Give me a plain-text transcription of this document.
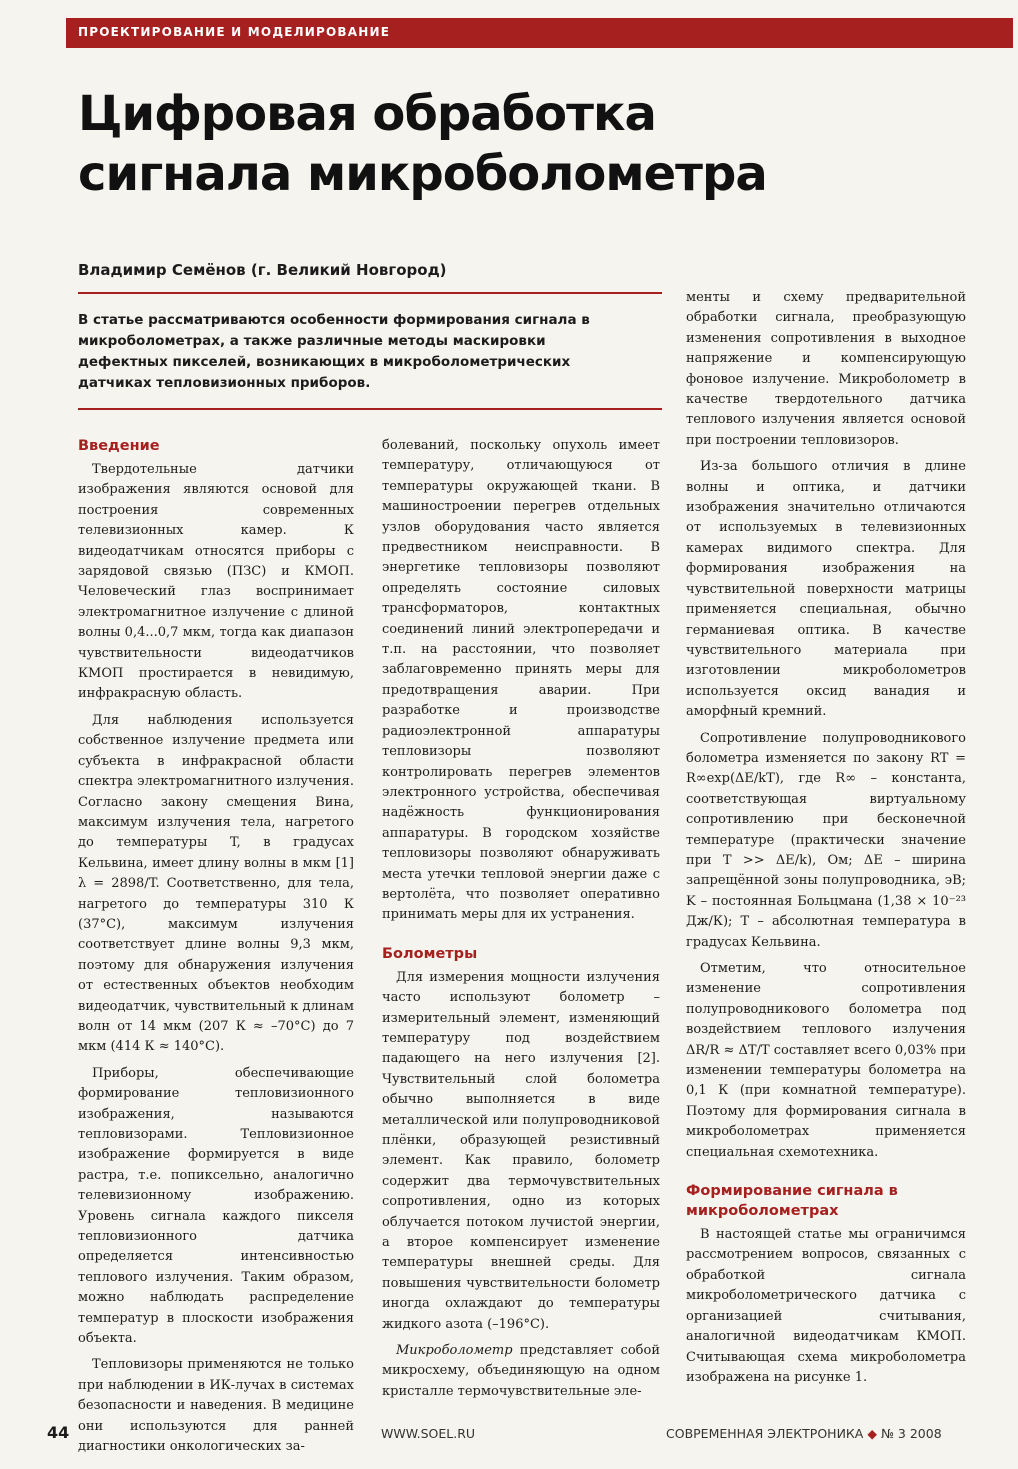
ПРОЕКТИРОВАНИЕ И МОДЕЛИРОВАНИЕ
Цифровая обработка сигнала микроболометра
Владимир Семёнов (г. Великий Новгород)

В статье рассматриваются особенности формирования сигнала в микроболометрах, а также различные методы маскировки дефектных пикселей, возникающих в микроболометрических датчиках тепловизионных приборов.

Введение

Твердотельные датчики изображения являются основой для построения современных телевизионных камер. К видеодатчикам относятся приборы с зарядовой связью (ПЗС) и КМОП. Человеческий глаз воспринимает электромагнитное излучение с длиной волны 0,4...0,7 мкм, тогда как диапазон чувствительности видеодатчиков КМОП простирается в невидимую, инфракрасную область.

Для наблюдения используется собственное излучение предмета или субъекта в инфракрасной области спектра электромагнитного излучения. Согласно закону смещения Вина, максимум излучения тела, нагретого до температуры T, в градусах Кельвина, имеет длину волны в мкм [1] λ = 2898/T. Соответственно, для тела, нагретого до температуры 310 К (37°С), максимум излучения соответствует длине волны 9,3 мкм, поэтому для обнаружения излучения от естественных объектов необходим видеодатчик, чувствительный к длинам волн от 14 мкм (207 К ≈ –70°С) до 7 мкм (414 К ≈ 140°С).

Приборы, обеспечивающие формирование тепловизионного изображения, называются тепловизорами. Тепловизионное изображение формируется в виде растра, т.е. попиксельно, аналогично телевизионному изображению. Уровень сигнала каждого пикселя тепловизионного датчика определяется интенсивностью теплового излучения. Таким образом, можно наблюдать распределение температур в плоскости изображения объекта.

Тепловизоры применяются не только при наблюдении в ИК-лучах в системах безопасности и наведения. В медицине они используются для ранней диагностики онкологических за-

болеваний, поскольку опухоль имеет температуру, отличающуюся от температуры окружающей ткани. В машиностроении перегрев отдельных узлов оборудования часто является предвестником неисправности. В энергетике тепловизоры позволяют определять состояние силовых трансформаторов, контактных соединений линий электропередачи и т.п. на расстоянии, что позволяет заблаговременно принять меры для предотвращения аварии. При разработке и производстве радиоэлектронной аппаратуры тепловизоры позволяют контролировать перегрев элементов электронного устройства, обеспечивая надёжность функционирования аппаратуры. В городском хозяйстве тепловизоры позволяют обнаруживать места утечки тепловой энергии даже с вертолёта, что позволяет оперативно принимать меры для их устранения.

Болометры

Для измерения мощности излучения часто используют болометр – измерительный элемент, изменяющий температуру под воздействием падающего на него излучения [2]. Чувствительный слой болометра обычно выполняется в виде металлической или полупроводниковой плёнки, образующей резистивный элемент. Как правило, болометр содержит два термочувствительных сопротивления, одно из которых облучается потоком лучистой энергии, а второе компенсирует изменение температуры внешней среды. Для повышения чувствительности болометр иногда охлаждают до температуры жидкого азота (–196°С).

Микроболометр представляет собой микросхему, объединяющую на одном кристалле термочувствительные эле-

менты и схему предварительной обработки сигнала, преобразующую изменения сопротивления в выходное напряжение и компенсирующую фоновое излучение. Микроболометр в качестве твердотельного датчика теплового излучения является основой при построении тепловизоров.

Из-за большого отличия в длине волны и оптика, и датчики изображения значительно отличаются от используемых в телевизионных камерах видимого спектра. Для формирования изображения на чувствительной поверхности матрицы применяется специальная, обычно германиевая оптика. В качестве чувствительного материала при изготовлении микроболометров используется оксид ванадия и аморфный кремний.

Сопротивление полупроводникового болометра изменяется по закону RT = R∞exp(ΔE/kT), где R∞ – константа, соответствующая виртуальному сопротивлению при бесконечной температуре (практически значение при T >> ΔE/k), Ом; ΔE – ширина запрещённой зоны полупроводника, эВ; K – постоянная Больцмана (1,38 × 10⁻²³ Дж/К); T – абсолютная температура в градусах Кельвина.

Отметим, что относительное изменение сопротивления полупроводникового болометра под воздействием теплового излучения ΔR/R ≈ ΔT/T составляет всего 0,03% при изменении температуры болометра на 0,1 К (при комнатной температуре). Поэтому для формирования сигнала в микроболометрах применяется специальная схемотехника.

Формирование сигнала в микроболометрах

В настоящей статье мы ограничимся рассмотрением вопросов, связанных с обработкой сигнала микроболометрического датчика с организацией считывания, аналогичной видеодатчикам КМОП. Считывающая схема микроболометра изображена на рисунке 1.

44	WWW.SOEL.RU	СОВРЕМЕННАЯ ЭЛЕКТРОНИКА ◆ № 3 2008
